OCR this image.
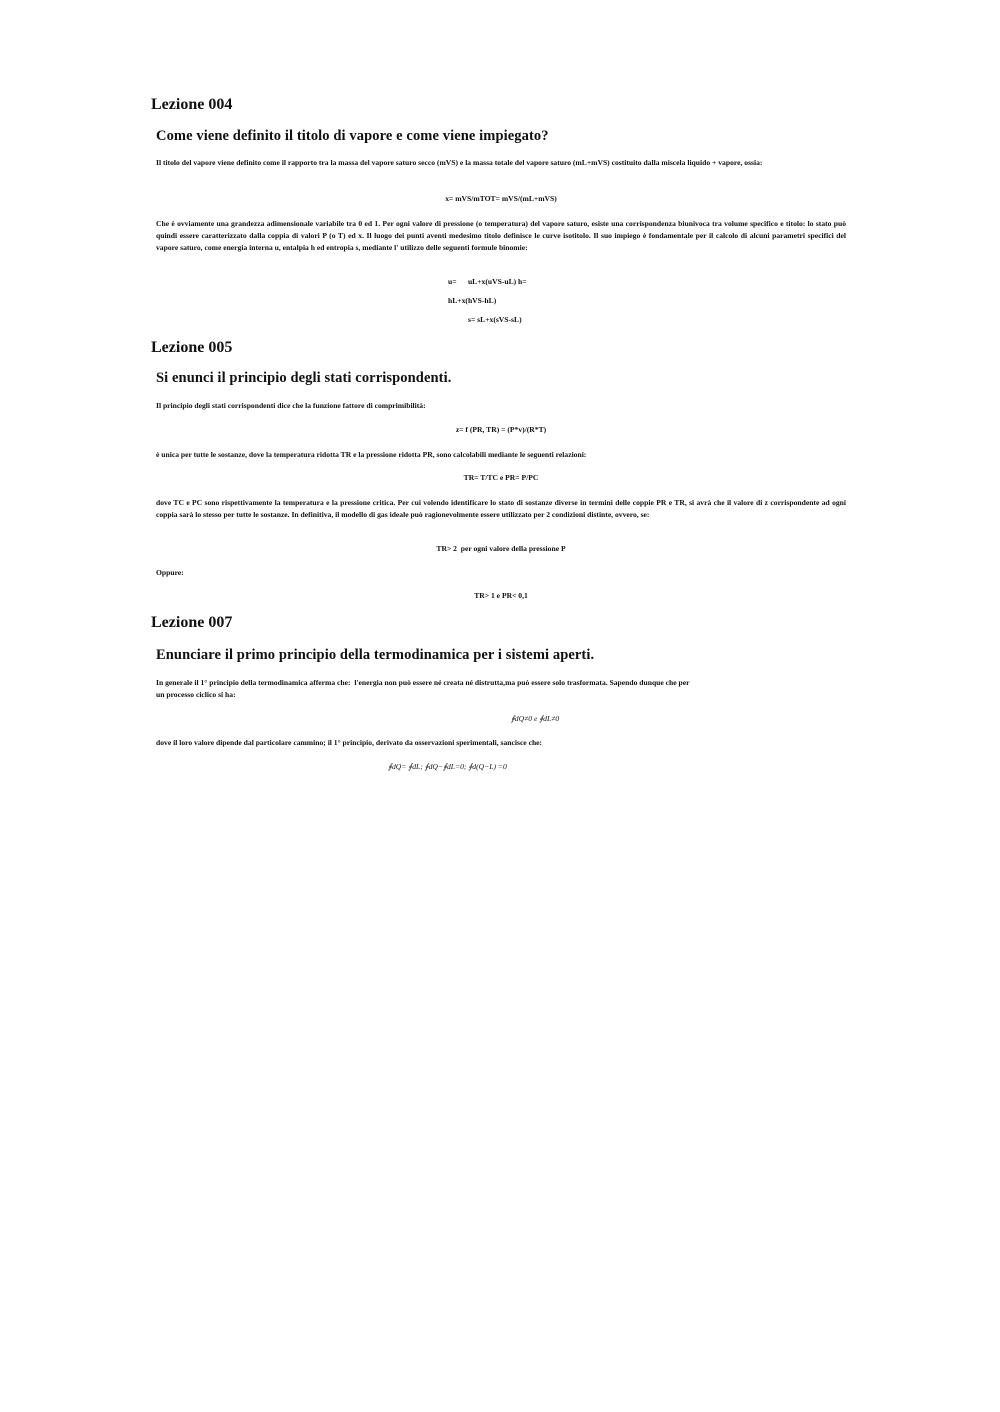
Lezione 004
Come viene definito il titolo di vapore e come viene impiegato?

Il titolo del vapore viene definito come il rapporto tra la massa del vapore saturo secco (mVS) e la massa totale del vapore saturo (mL+mVS) costituito dalla miscela liquido + vapore, ossia:

x= mVS/mTOT= mVS/(mL+mVS)

Che è ovviamente una grandezza adimensionale variabile tra 0 ed 1. Per ogni valore di pressione (o temperatura) del vapore saturo, esiste una corrispondenza biunivoca tra volume specifico e titolo: lo stato può quindi essere caratterizzato dalla coppia di valori P (o T) ed x. Il luogo dei punti aventi medesimo titolo definisce le curve isotitolo. Il suo impiego è fondamentale per il calcolo di alcuni parametri specifici del vapore saturo, come energia interna u, entalpia h ed entropia s, mediante l' utilizzo delle seguenti formule binomie:

u=      uL+x(uVS-uL) h=

hL+x(hVS-hL)

s= sL+x(sVS-sL)

Lezione 005
Si enunci il principio degli stati corrispondenti.

Il principio degli stati corrispondenti dice che la funzione fattore di comprimibilità:

z= f (PR, TR) = (P*v)/(R*T)

è unica per tutte le sostanze, dove la temperatura ridotta TR e la pressione ridotta PR, sono calcolabili mediante le seguenti relazioni:

TR= T/TC e PR= P/PC

dove TC e PC sono rispettivamente la temperatura e la pressione critica. Per cui volendo identificare lo stato di sostanze diverse in termini delle coppie PR e TR, si avrà che il valore di z corrispondente ad ogni coppia sarà lo stesso per tutte le sostanze. In definitiva, il modello di gas ideale può ragionevolmente essere utilizzato per 2 condizioni distinte, ovvero, se:

TR> 2  per ogni valore della pressione P

Oppure:

TR> 1 e PR< 0,1

Lezione 007
Enunciare il primo principio della termodinamica per i sistemi aperti.

In generale il 1° principio della termodinamica afferma che:  l'energia non può essere né creata né distrutta,ma può essere solo trasformata. Sapendo dunque che per

un processo ciclico si ha:

∮dQ≠0 e ∮dL≠0

dove il loro valore dipende dal particolare cammino; il 1° principio, derivato da osservazioni sperimentali, sancisce che:

∮dQ= ∮dL; ∮dQ−∮dL=0; ∮d(Q−L) =0
